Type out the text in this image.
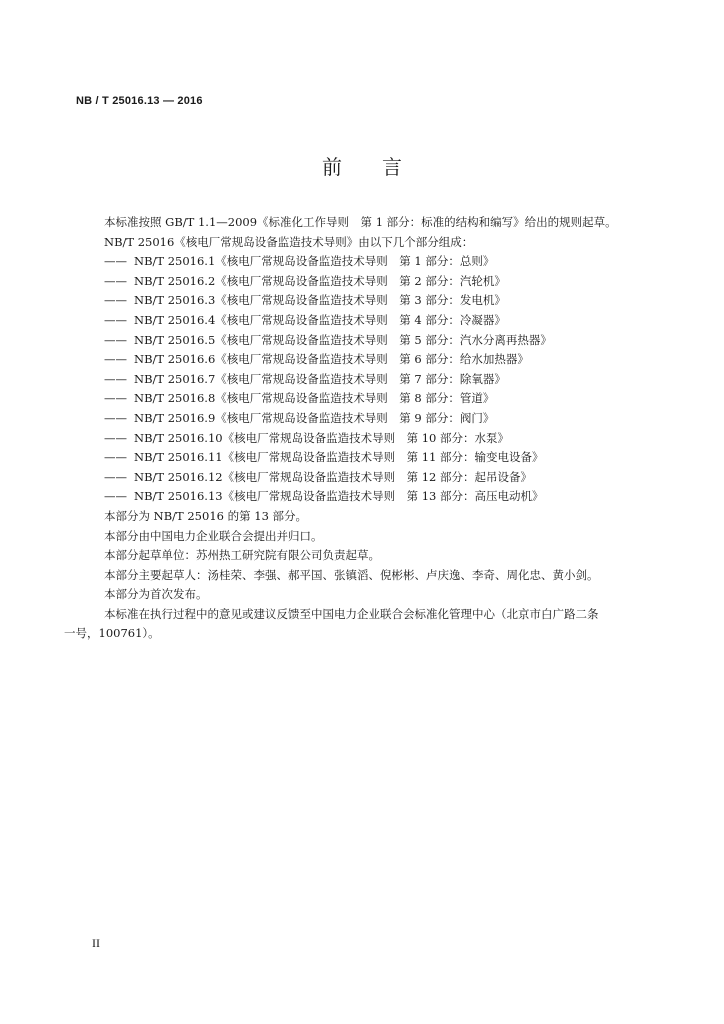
NB / T 25016.13 — 2016
前言
本标准按照 GB/T 1.1—2009《标准化工作导则　第 1 部分：标准的结构和编写》给出的规则起草。
NB/T 25016《核电厂常规岛设备监造技术导则》由以下几个部分组成：
—— NB/T 25016.1《核电厂常规岛设备监造技术导则　第 1 部分：总则》
—— NB/T 25016.2《核电厂常规岛设备监造技术导则　第 2 部分：汽轮机》
—— NB/T 25016.3《核电厂常规岛设备监造技术导则　第 3 部分：发电机》
—— NB/T 25016.4《核电厂常规岛设备监造技术导则　第 4 部分：冷凝器》
—— NB/T 25016.5《核电厂常规岛设备监造技术导则　第 5 部分：汽水分离再热器》
—— NB/T 25016.6《核电厂常规岛设备监造技术导则　第 6 部分：给水加热器》
—— NB/T 25016.7《核电厂常规岛设备监造技术导则　第 7 部分：除氧器》
—— NB/T 25016.8《核电厂常规岛设备监造技术导则　第 8 部分：管道》
—— NB/T 25016.9《核电厂常规岛设备监造技术导则　第 9 部分：阀门》
—— NB/T 25016.10《核电厂常规岛设备监造技术导则　第 10 部分：水泵》
—— NB/T 25016.11《核电厂常规岛设备监造技术导则　第 11 部分：输变电设备》
—— NB/T 25016.12《核电厂常规岛设备监造技术导则　第 12 部分：起吊设备》
—— NB/T 25016.13《核电厂常规岛设备监造技术导则　第 13 部分：高压电动机》
本部分为 NB/T 25016 的第 13 部分。
本部分由中国电力企业联合会提出并归口。
本部分起草单位：苏州热工研究院有限公司负责起草。
本部分主要起草人：汤桂荣、李强、郝平国、张镇滔、倪彬彬、卢庆逸、李奇、周化忠、黄小剑。
本部分为首次发布。
本标准在执行过程中的意见或建议反馈至中国电力企业联合会标准化管理中心（北京市白广路二条
一号，100761）。
II
